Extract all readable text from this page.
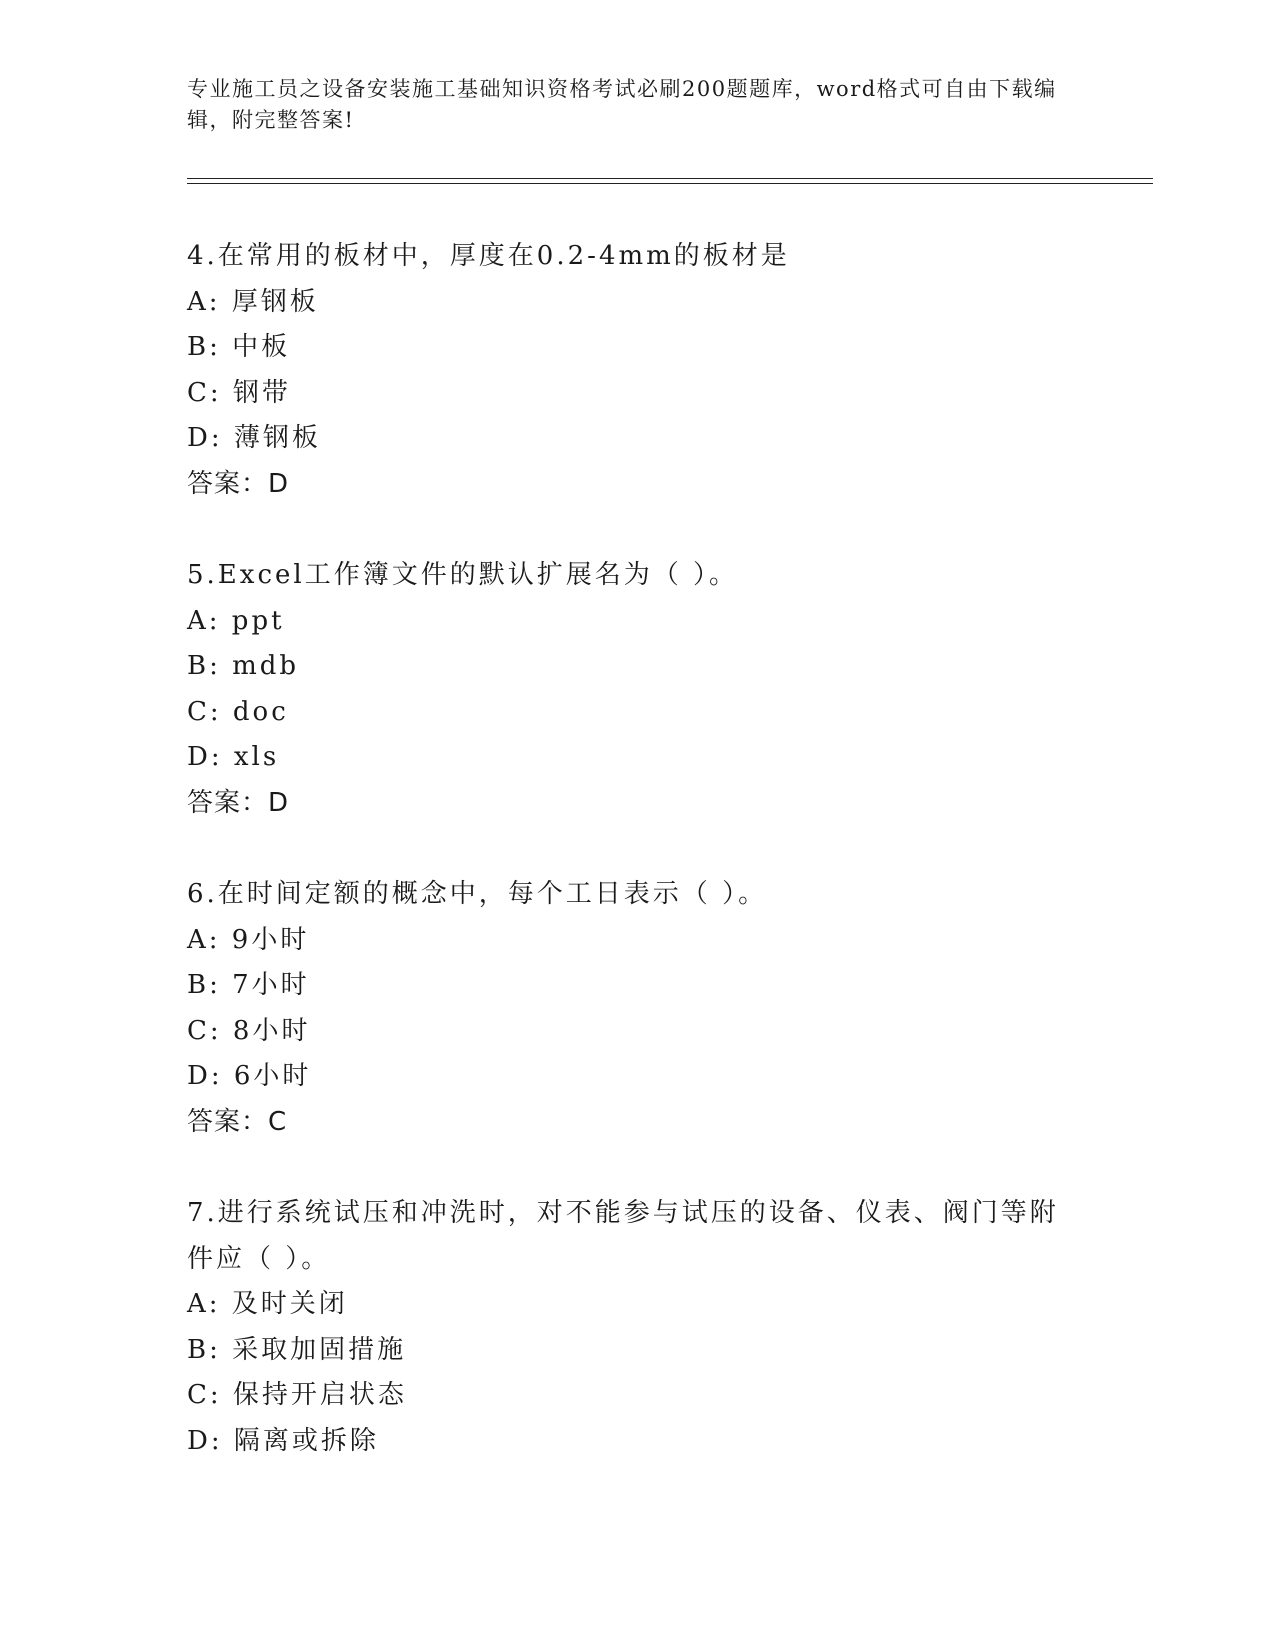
专业施工员之设备安装施工基础知识资格考试必刷200题题库，word格式可自由下载编辑，附完整答案!

4.在常用的板材中，厚度在0.2-4mm的板材是

A: 厚钢板

B: 中板

C: 钢带

D: 薄钢板

答案：D

5.Excel工作簿文件的默认扩展名为（ ）。

A: ppt

B: mdb

C: doc

D: xls

答案：D

6.在时间定额的概念中，每个工日表示（ ）。

A: 9小时

B: 7小时

C: 8小时

D: 6小时

答案：C

7.进行系统试压和冲洗时，对不能参与试压的设备、仪表、阀门等附件应（ ）。

A: 及时关闭

B: 采取加固措施

C: 保持开启状态

D: 隔离或拆除
